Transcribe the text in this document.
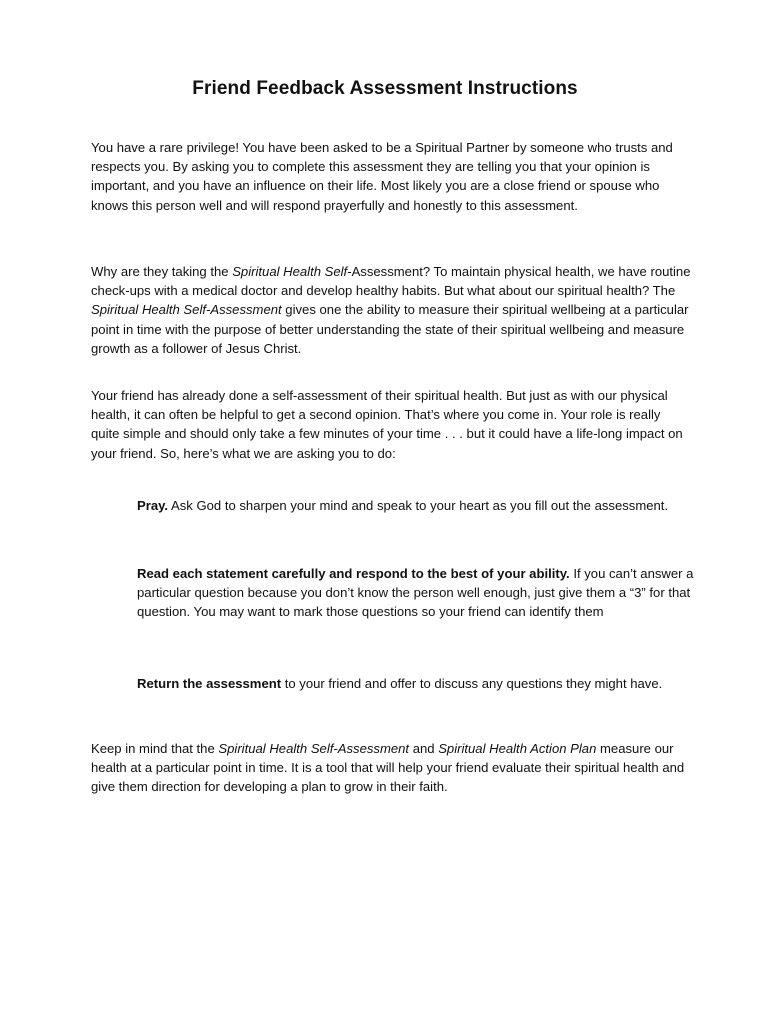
Friend Feedback Assessment Instructions
You have a rare privilege! You have been asked to be a Spiritual Partner by someone who trusts and respects you. By asking you to complete this assessment they are telling you that your opinion is important, and you have an influence on their life. Most likely you are a close friend or spouse who knows this person well and will respond prayerfully and honestly to this assessment.
Why are they taking the Spiritual Health Self-Assessment? To maintain physical health, we have routine check-ups with a medical doctor and develop healthy habits. But what about our spiritual health? The Spiritual Health Self-Assessment gives one the ability to measure their spiritual wellbeing at a particular point in time with the purpose of better understanding the state of their spiritual wellbeing and measure growth as a follower of Jesus Christ.
Your friend has already done a self-assessment of their spiritual health. But just as with our physical health, it can often be helpful to get a second opinion. That’s where you come in. Your role is really quite simple and should only take a few minutes of your time . . . but it could have a life-long impact on your friend. So, here’s what we are asking you to do:
Pray. Ask God to sharpen your mind and speak to your heart as you fill out the assessment.
Read each statement carefully and respond to the best of your ability. If you can’t answer a particular question because you don’t know the person well enough, just give them a “3” for that question. You may want to mark those questions so your friend can identify them
Return the assessment to your friend and offer to discuss any questions they might have.
Keep in mind that the Spiritual Health Self-Assessment and Spiritual Health Action Plan measure our health at a particular point in time. It is a tool that will help your friend evaluate their spiritual health and give them direction for developing a plan to grow in their faith.
